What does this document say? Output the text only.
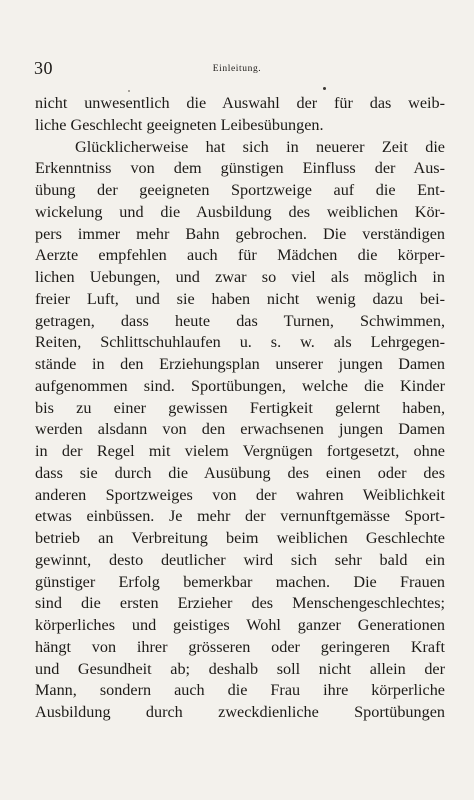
30	Einleitung.
nicht unwesentlich die Auswahl der für das weib-
liche Geschlecht geeigneten Leibesübungen.
Glücklicherweise hat sich in neuerer Zeit die
Erkenntniss von dem günstigen Einfluss der Aus-
übung der geeigneten Sportzweige auf die Ent-
wickelung und die Ausbildung des weiblichen Kör-
pers immer mehr Bahn gebrochen. Die verständigen
Aerzte empfehlen auch für Mädchen die körper-
lichen Uebungen, und zwar so viel als möglich in
freier Luft, und sie haben nicht wenig dazu bei-
getragen, dass heute das Turnen, Schwimmen,
Reiten, Schlittschuhlaufen u. s. w. als Lehrgegen-
stände in den Erziehungsplan unserer jungen Damen
aufgenommen sind. Sportübungen, welche die Kinder
bis zu einer gewissen Fertigkeit gelernt haben,
werden alsdann von den erwachsenen jungen Damen
in der Regel mit vielem Vergnügen fortgesetzt, ohne
dass sie durch die Ausübung des einen oder des
anderen Sportzweiges von der wahren Weiblichkeit
etwas einbüssen. Je mehr der vernunftgemässe Sport-
betrieb an Verbreitung beim weiblichen Geschlechte
gewinnt, desto deutlicher wird sich sehr bald ein
günstiger Erfolg bemerkbar machen. Die Frauen
sind die ersten Erzieher des Menschengeschlechtes;
körperliches und geistiges Wohl ganzer Generationen
hängt von ihrer grösseren oder geringeren Kraft
und Gesundheit ab; deshalb soll nicht allein der
Mann, sondern auch die Frau ihre körperliche
Ausbildung durch zweckdienliche Sportübungen
